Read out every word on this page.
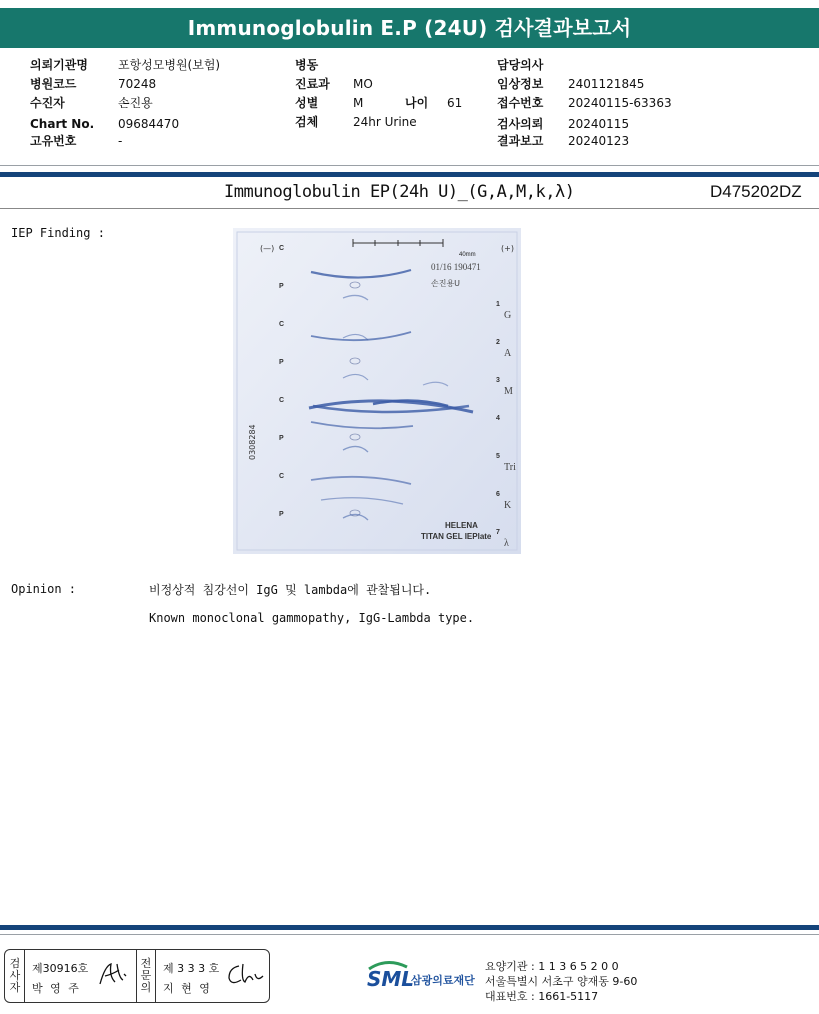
Immunoglobulin E.P (24U) 검사결과보고서
의뢰기관명	포항성모병원(보험)
병원코드	70248
수진자	손진용
Chart No. 09684470
고유번호	-
병동
진료과 MO
성별	M	나이 61
검체	24hr Urine
담당의사
임상정보 2401121845
접수번호 20240115-63363
검사의뢰 20240115
결과보고 20240123
Immunoglobulin EP(24h U)_(G,A,M,k,λ)	D475202DZ
IEP Finding :
40mm
(—)	(+)
01/16 190471
손진용U
0308284
HELENA
TITAN GEL IEPlate
C
P
1
G
C
2
A
P
3
M
C
4
P
5
Tri
C
6
K
P
7
λ
Opinion :	비정상적 침강선이 IgG 및 lambda에 관찰됩니다.
Known monoclonal gammopathy, IgG-Lambda type.
검
사
자
제30916호
박 영 주
전
문
의
제 3 3 3 호
지 현 영	SML
삼광의료재단
요양기관 : 1 1 3 6 5 2 0 0
서울특별시 서초구 양재동 9-60
대표번호 : 1661-5117
